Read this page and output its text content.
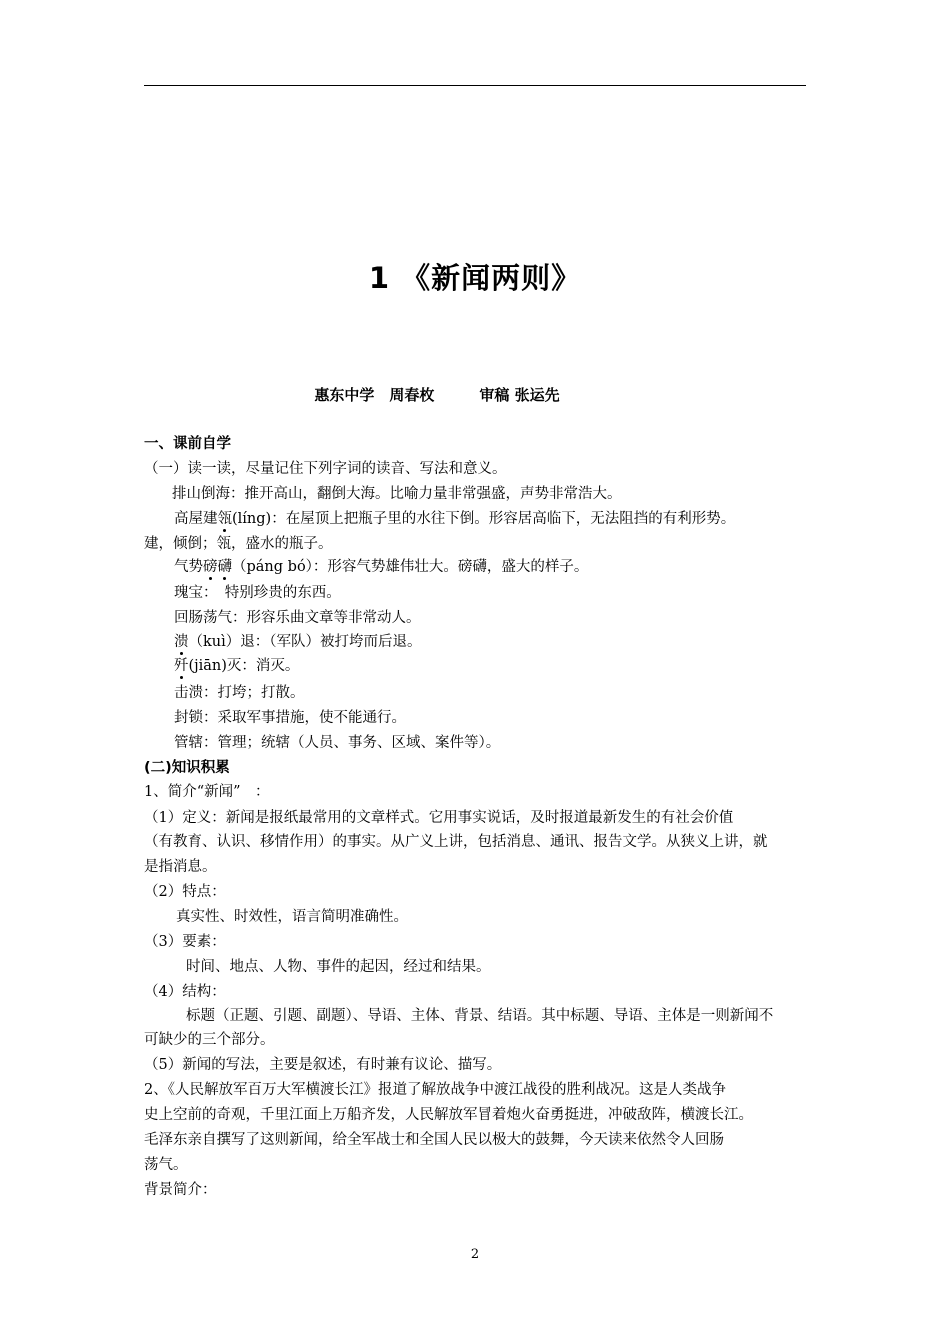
1 《新闻两则》
惠东中学　周春枚　　　审稿 张运先
一、课前自学
（一）读一读，尽量记住下列字词的读音、写法和意义。
排山倒海：推开高山，翻倒大海。比喻力量非常强盛，声势非常浩大。
高屋建瓴(líng)：在屋顶上把瓶子里的水往下倒。形容居高临下，无法阻挡的有利形势。
建，倾倒；瓴，盛水的瓶子。
气势磅礴（páng bó）：形容气势雄伟壮大。磅礴，盛大的样子。
瑰宝：　特别珍贵的东西。
回肠荡气：形容乐曲文章等非常动人。
溃（kuì）退：（军队）被打垮而后退。
歼(jiān)灭：消灭。
击溃：打垮；打散。
封锁：采取军事措施，使不能通行。
管辖：管理；统辖（人员、事务、区域、案件等）。
(二)知识积累
1、简介“新闻”　：
（1）定义：新闻是报纸最常用的文章样式。它用事实说话，及时报道最新发生的有社会价值
（有教育、认识、移情作用）的事实。从广义上讲，包括消息、通讯、报告文学。从狭义上讲，就
是指消息。
（2）特点：
真实性、时效性，语言简明准确性。
（3）要素：
时间、地点、人物、事件的起因，经过和结果。
（4）结构：
标题（正题、引题、副题）、导语、主体、背景、结语。其中标题、导语、主体是一则新闻不
可缺少的三个部分。
（5）新闻的写法，主要是叙述，有时兼有议论、描写。
2、《人民解放军百万大军横渡长江》报道了解放战争中渡江战役的胜利战况。这是人类战争
史上空前的奇观，千里江面上万船齐发，人民解放军冒着炮火奋勇挺进，冲破敌阵，横渡长江。
毛泽东亲自撰写了这则新闻，给全军战士和全国人民以极大的鼓舞，今天读来依然令人回肠
荡气。
背景简介：
2
